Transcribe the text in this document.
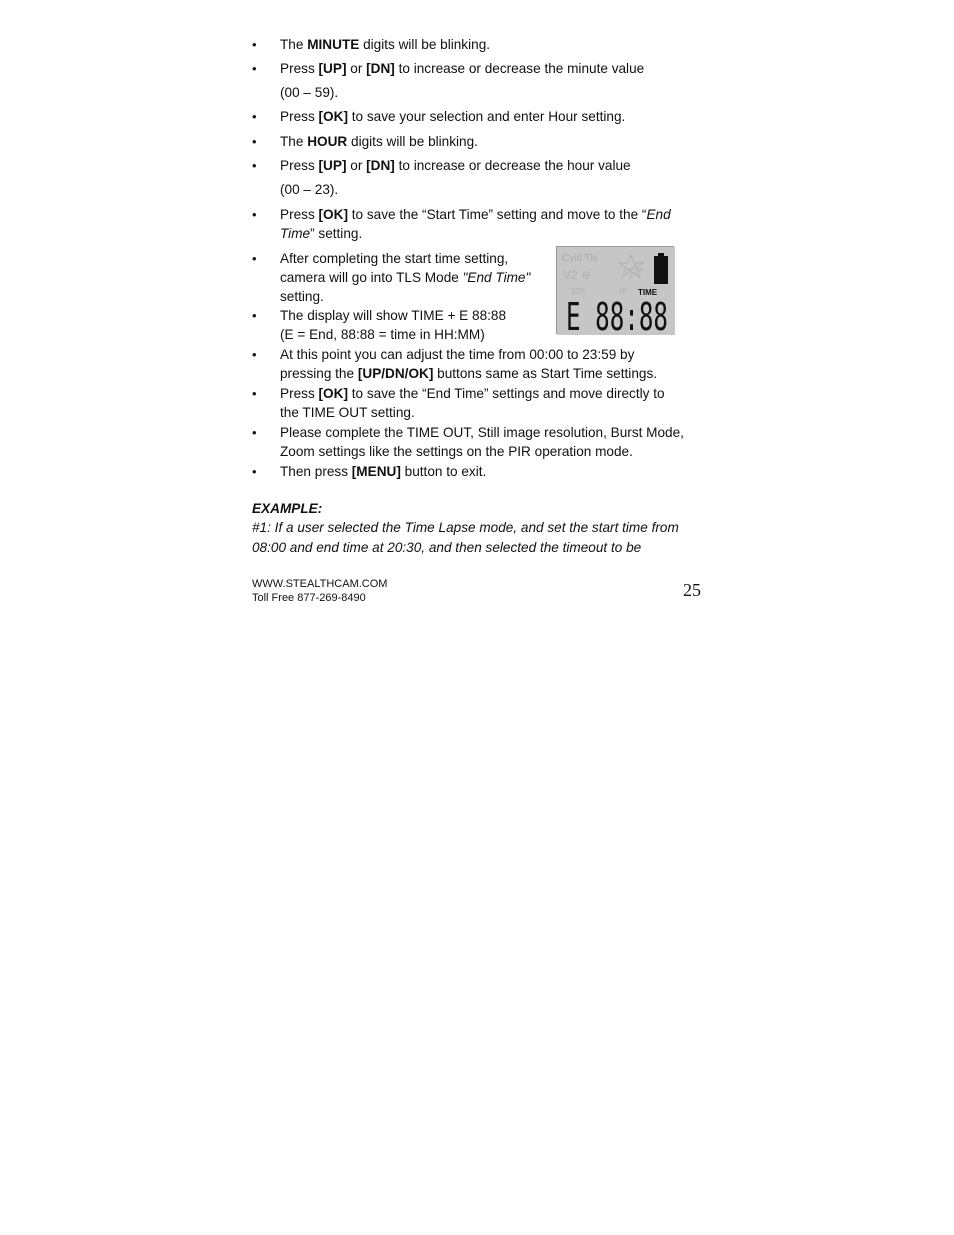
• The MINUTE digits will be blinking.
• Press [UP] or [DN] to increase or decrease the minute value
(00 – 59).
• Press [OK] to save your selection and enter Hour setting.
• The HOUR digits will be blinking.
• Press [UP] or [DN] to increase or decrease the hour value
(00 – 23).
• Press [OK] to save the “Start Time” setting and move to the “End
Time” setting.
• After completing the start time setting,
camera will go into TLS Mode "End Time"
setting.
• The display will show TIME + E 88:88
(E = End, 88:88 = time in HH:MM)
• At this point you can adjust the time from 00:00 to 23:59 by
pressing the [UP/DN/OK] buttons same as Start Time settings.
• Press [OK] to save the “End Time” settings and move directly to
the TIME OUT setting.
• Please complete the TIME OUT, Still image resolution, Burst Mode,
Zoom settings like the settings on the PIR operation mode.
• Then press [MENU] button to exit.
Cvid Tls
V2 ⊕
33B	Hi TIME
E 88:88
EXAMPLE:
#1: If a user selected the Time Lapse mode, and set the start time from
08:00 and end time at 20:30, and then selected the timeout to be
WWW.STEALTHCAM.COM
Toll Free 877-269-8490	25
